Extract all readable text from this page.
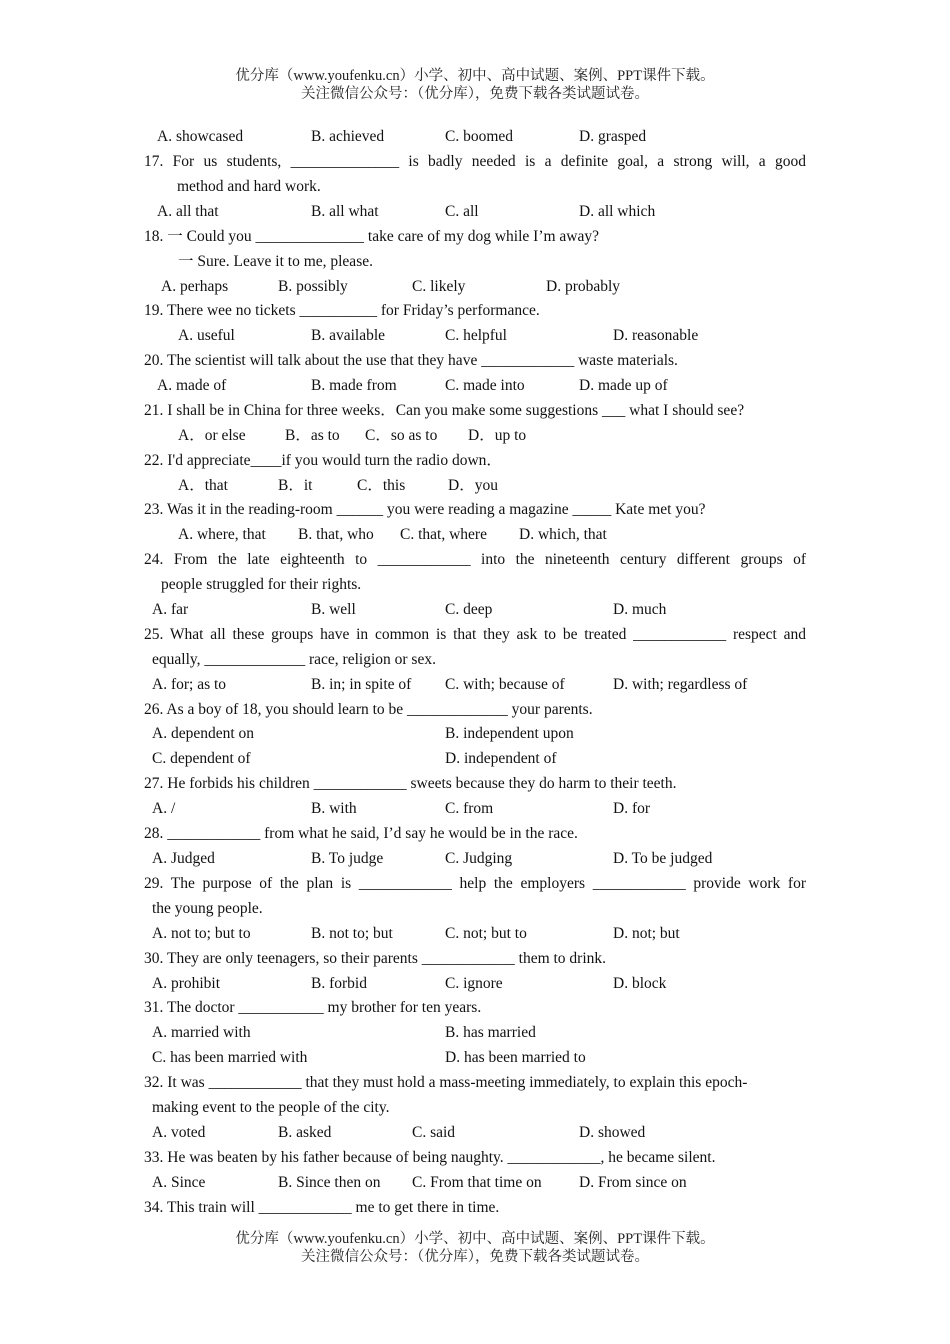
优分库（www.youfenku.cn）小学、初中、高中试题、案例、PPT课件下载。
关注微信公众号：（优分库），免费下载各类试题试卷。
A. showcased	B. achieved	C. boomed	D. grasped
17. For us students, ______________ is badly needed is a definite goal, a strong will, a good
method and hard work.
A. all that	B. all what	C. all	D. all which
18. 一 Could you ______________ take care of my dog while I’m away?
一 Sure. Leave it to me, please.
A. perhaps	B. possibly	C. likely	D. probably
19. There wee no tickets __________ for Friday’s performance.
A. useful	B. available	C. helpful	D. reasonable
20. The scientist will talk about the use that they have ____________ waste materials.
A. made of	B. made from	C. made into	D. made up of
21. I shall be in China for three weeks．Can you make some suggestions ___ what I should see?
A．or else	B．as to C．so as to D．up to
22. I'd appreciate____if you would turn the radio down．
A．that	B．it	C．this	D．you
23. Was it in the reading-room ______ you were reading a magazine _____ Kate met you?
A. where, that B. that, who C. that, where D. which, that
24. From the late eighteenth to ____________ into the nineteenth century different groups of
people struggled for their rights.
A. far	B. well	C. deep	D. much
25. What all these groups have in common is that they ask to be treated ____________ respect and
equally, _____________ race, religion or sex.
A. for; as to	B. in; in spite of C. with; because of	D. with; regardless of
26. As a boy of 18, you should learn to be _____________ your parents.
A. dependent on	B. independent upon
C. dependent of	D. independent of
27. He forbids his children ____________ sweets because they do harm to their teeth.
A. /	B. with	C. from	D. for
28. ____________ from what he said, I’d say he would be in the race.
A. Judged	B. To judge	C. Judging	D. To be judged
29. The purpose of the plan is ____________ help the employers ____________ provide work for
the young people.
A. not to; but to	B. not to; but	C. not; but to	D. not; but
30. They are only teenagers, so their parents ____________ them to drink.
A. prohibit	B. forbid	C. ignore	D. block
31. The doctor ___________ my brother for ten years.
A. married with	B. has married
C. has been married with	D. has been married to
32. It was ____________ that they must hold a mass-meeting immediately, to explain this epoch-
making event to the people of the city.
A. voted	B. asked	C. said	D. showed
33. He was beaten by his father because of being naughty. ____________, he became silent.
A. Since	B. Since then on C. From that time on D. From since on
34. This train will ____________ me to get there in time.
优分库（www.youfenku.cn）小学、初中、高中试题、案例、PPT课件下载。
关注微信公众号：（优分库），免费下载各类试题试卷。
